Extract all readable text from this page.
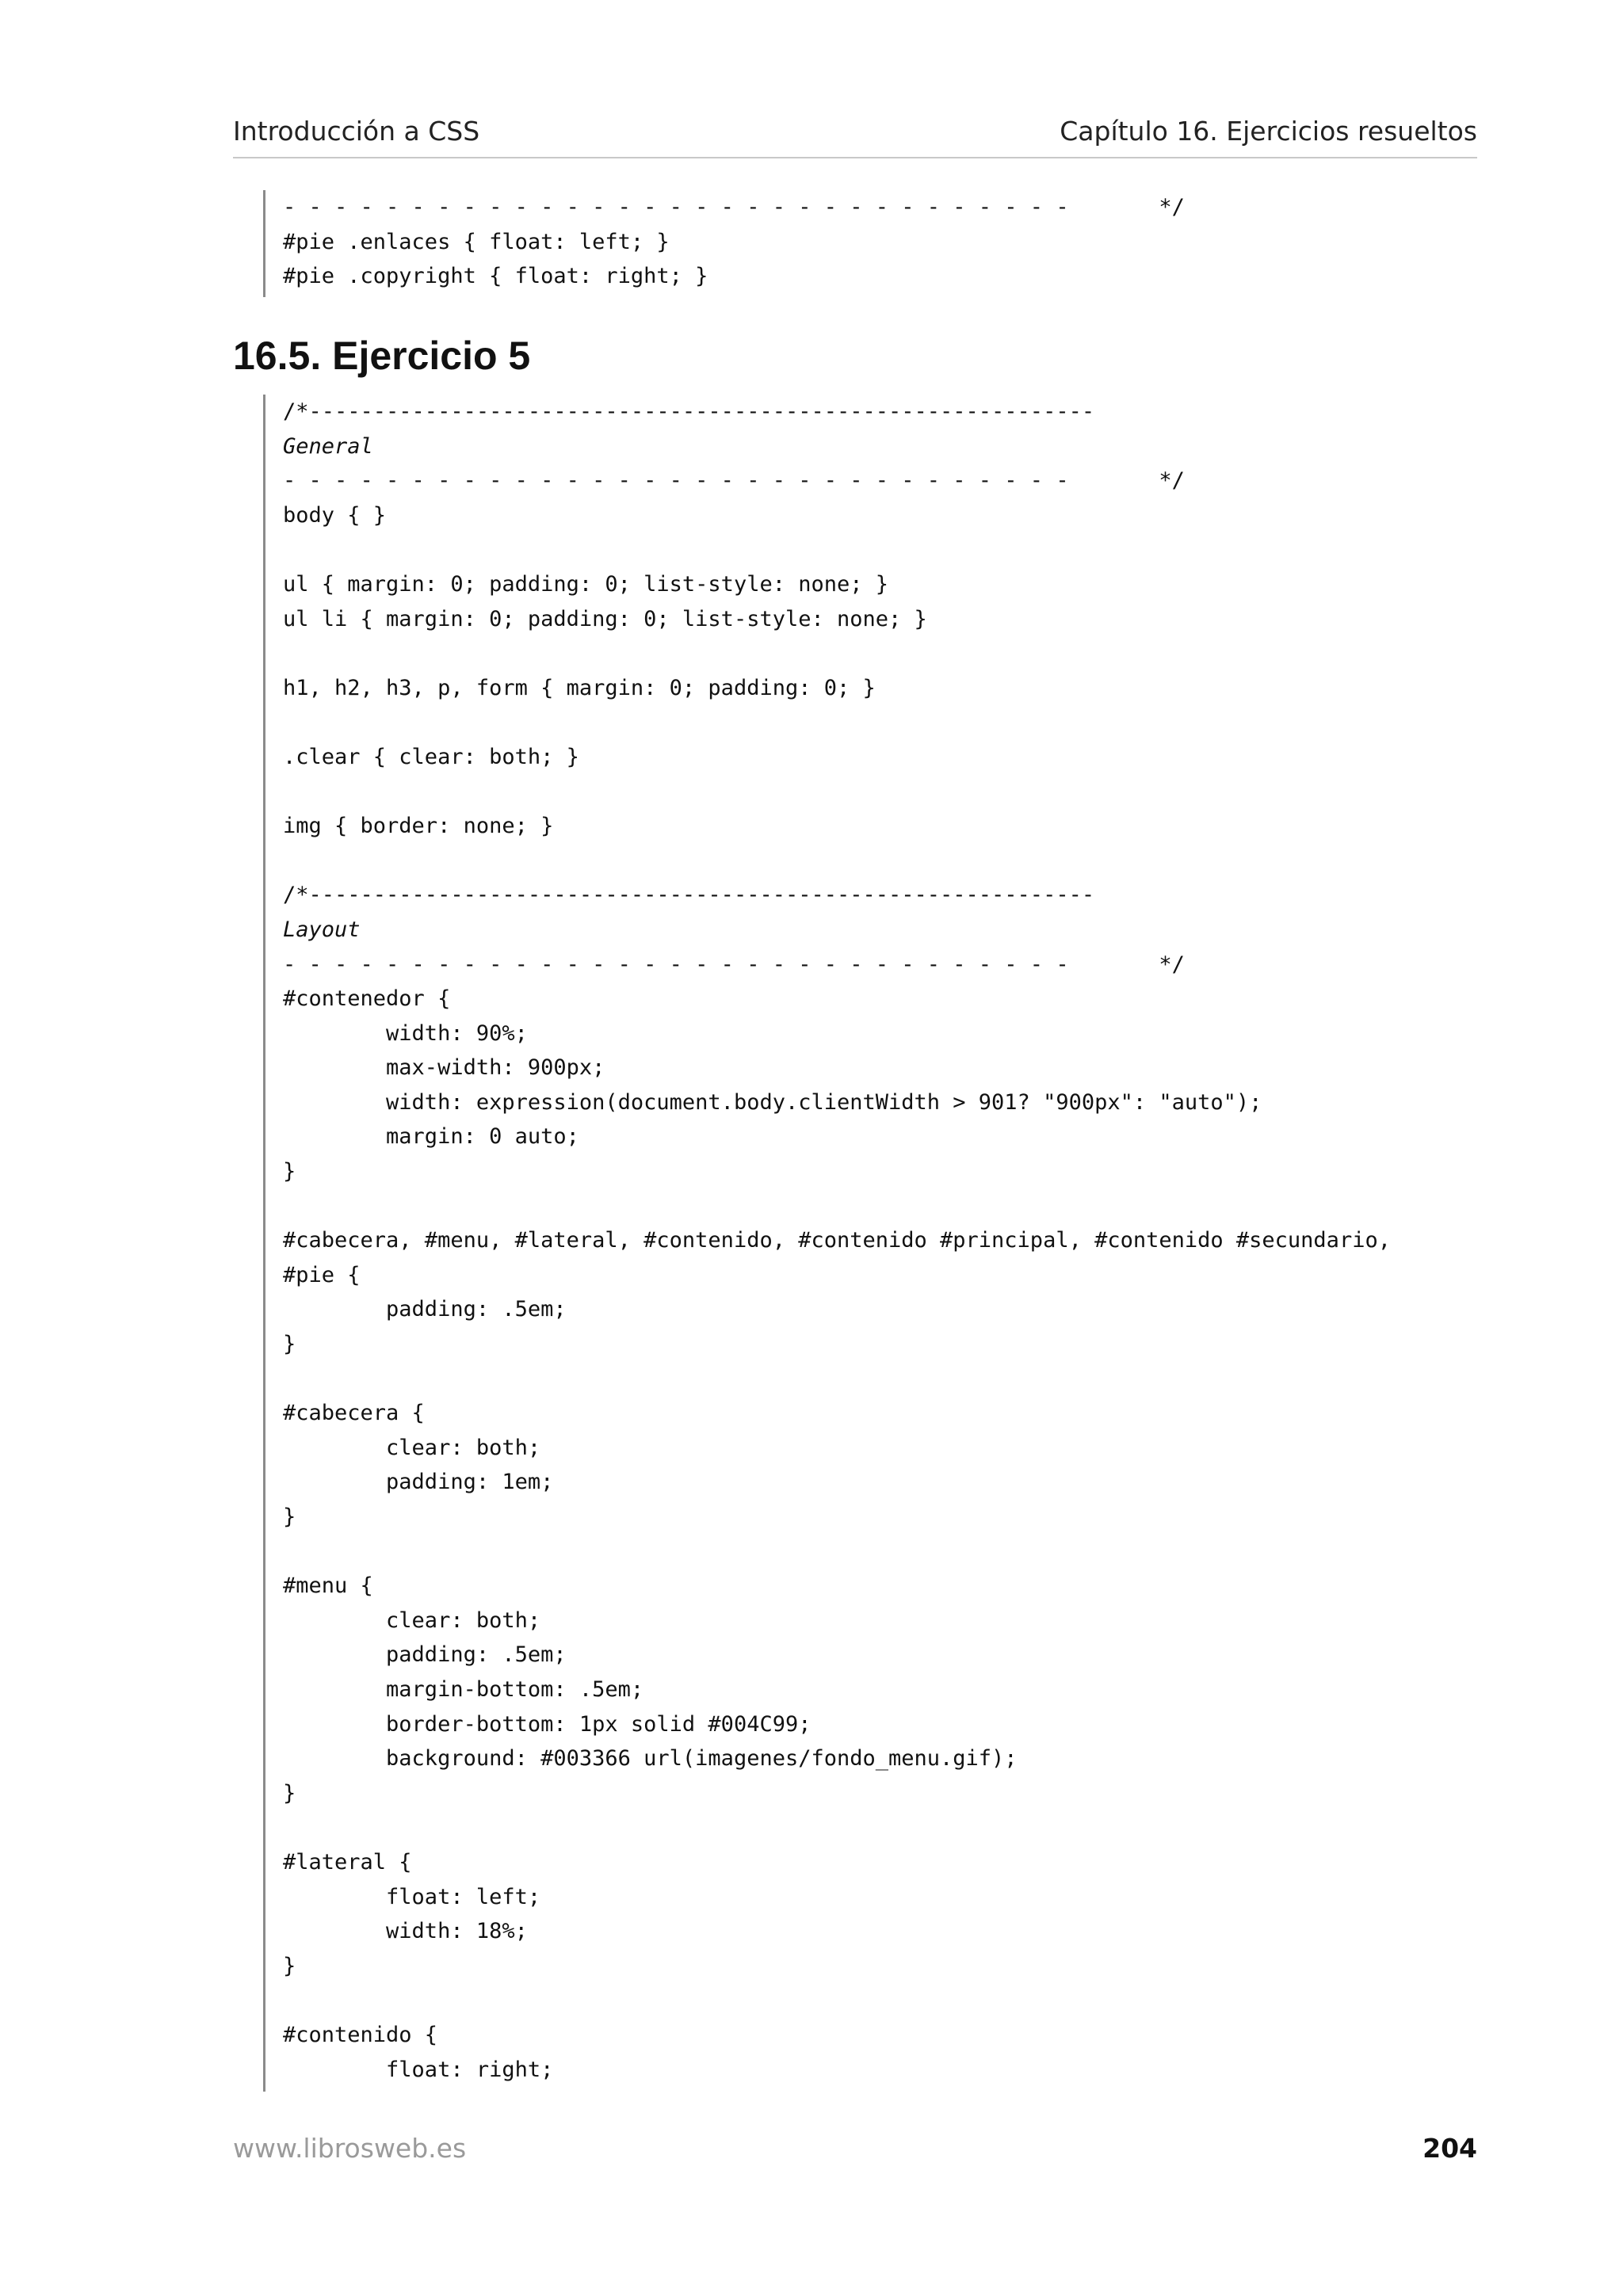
Introducción a CSS	Capítulo 16. Ejercicios resueltos
- - - - - - - - - - - - - - - - - - - - - - - - - - - - - - -       */
#pie .enlaces { float: left; }
#pie .copyright { float: right; }
16.5. Ejercicio 5
/*-------------------------------------------------------------
General
- - - - - - - - - - - - - - - - - - - - - - - - - - - - - - -       */
body { }
ul { margin: 0; padding: 0; list-style: none; }
ul li { margin: 0; padding: 0; list-style: none; }
h1, h2, h3, p, form { margin: 0; padding: 0; }
.clear { clear: both; }
img { border: none; }
/*-------------------------------------------------------------
Layout
- - - - - - - - - - - - - - - - - - - - - - - - - - - - - - -       */
#contenedor {
width: 90%;
max-width: 900px;
width: expression(document.body.clientWidth > 901? "900px": "auto");
margin: 0 auto;
}
#cabecera, #menu, #lateral, #contenido, #contenido #principal, #contenido #secundario,
#pie {
padding: .5em;
}
#cabecera {
clear: both;
padding: 1em;
}
#menu {
clear: both;
padding: .5em;
margin-bottom: .5em;
border-bottom: 1px solid #004C99;
background: #003366 url(imagenes/fondo_menu.gif);
}
#lateral {
float: left;
width: 18%;
}
#contenido {
float: right;
www.librosweb.es	204
